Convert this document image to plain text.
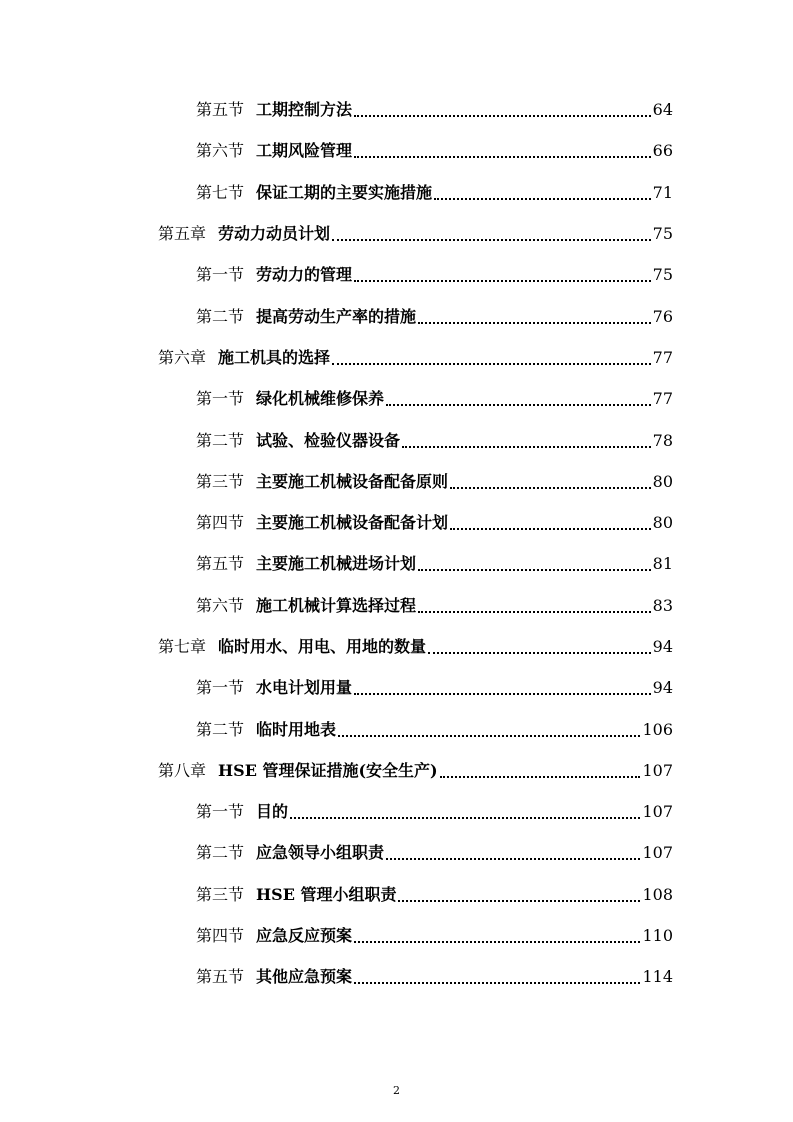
第五节 工期控制方法	64
第六节 工期风险管理	66
第七节 保证工期的主要实施措施	71
第五章 劳动力动员计划	75
第一节 劳动力的管理	75
第二节 提高劳动生产率的措施	76
第六章 施工机具的选择	77
第一节 绿化机械维修保养	77
第二节 试验、检验仪器设备	78
第三节 主要施工机械设备配备原则	80
第四节 主要施工机械设备配备计划	80
第五节 主要施工机械进场计划	81
第六节 施工机械计算选择过程	83
第七章 临时用水、用电、用地的数量	94
第一节 水电计划用量	94
第二节 临时用地表	106
第八章 HSE 管理保证措施(安全生产)	107
第一节 目的	107
第二节 应急领导小组职责	107
第三节 HSE 管理小组职责	108
第四节 应急反应预案	110
第五节 其他应急预案	114
2
